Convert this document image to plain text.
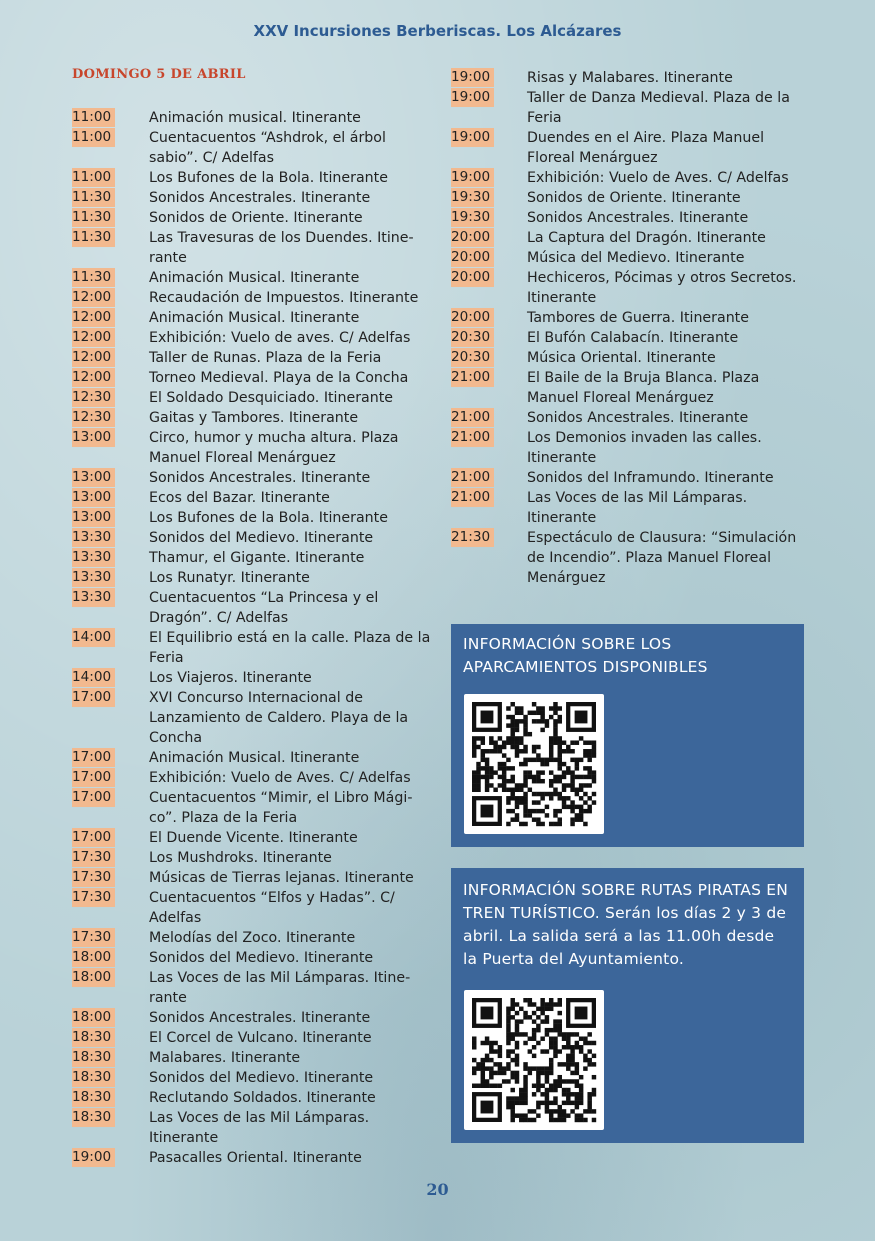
XXV Incursiones Berberiscas. Los Alcázares
DOMINGO 5 DE ABRIL
11:00	Animación musical. Itinerante
11:00	Cuentacuentos “Ashdrok, el árbol sabio”. C/ Adelfas
11:00	Los Bufones de la Bola. Itinerante
11:30	Sonidos Ancestrales. Itinerante
11:30	Sonidos de Oriente. Itinerante
11:30	Las Travesuras de los Duendes. Itinerante
11:30	Animación Musical. Itinerante
12:00	Recaudación de Impuestos. Itinerante
12:00	Animación Musical. Itinerante
12:00	Exhibición: Vuelo de aves. C/ Adelfas
12:00	Taller de Runas. Plaza de la Feria
12:00	Torneo Medieval. Playa de la Concha
12:30	El Soldado Desquiciado. Itinerante
12:30	Gaitas y Tambores. Itinerante
13:00	Circo, humor y mucha altura. Plaza Manuel Floreal Menárguez
13:00	Sonidos Ancestrales. Itinerante
13:00	Ecos del Bazar. Itinerante
13:00	Los Bufones de la Bola. Itinerante
13:30	Sonidos del Medievo. Itinerante
13:30	Thamur, el Gigante. Itinerante
13:30	Los Runatyr. Itinerante
13:30	Cuentacuentos “La Princesa y el Dragón”. C/ Adelfas
14:00	El Equilibrio está en la calle. Plaza de la Feria
14:00	Los Viajeros. Itinerante
17:00	XVI Concurso Internacional de Lanzamiento de Caldero. Playa de la Concha
17:00	Animación Musical. Itinerante
17:00	Exhibición: Vuelo de Aves. C/ Adelfas
17:00	Cuentacuentos “Mimir, el Libro Mágico”. Plaza de la Feria
17:00	El Duende Vicente. Itinerante
17:30	Los Mushdroks. Itinerante
17:30	Músicas de Tierras lejanas. Itinerante
17:30	Cuentacuentos “Elfos y Hadas”. C/ Adelfas
17:30	Melodías del Zoco. Itinerante
18:00	Sonidos del Medievo. Itinerante
18:00	Las Voces de las Mil Lámparas. Itinerante
18:00	Sonidos Ancestrales. Itinerante
18:30	El Corcel de Vulcano. Itinerante
18:30	Malabares. Itinerante
18:30	Sonidos del Medievo. Itinerante
18:30	Reclutando Soldados. Itinerante
18:30	Las Voces de las Mil Lámparas. Itinerante
19:00	Pasacalles Oriental. Itinerante
19:00	Risas y Malabares. Itinerante
19:00	Taller de Danza Medieval. Plaza de la Feria
19:00	Duendes en el Aire. Plaza Manuel Floreal Menárguez
19:00	Exhibición: Vuelo de Aves. C/ Adelfas
19:30	Sonidos de Oriente. Itinerante
19:30	Sonidos Ancestrales. Itinerante
20:00	La Captura del Dragón. Itinerante
20:00	Música del Medievo. Itinerante
20:00	Hechiceros, Pócimas y otros Secretos. Itinerante
20:00	Tambores de Guerra. Itinerante
20:30	El Bufón Calabacín. Itinerante
20:30	Música Oriental. Itinerante
21:00	El Baile de la Bruja Blanca. Plaza Manuel Floreal Menárguez
21:00	Sonidos Ancestrales. Itinerante
21:00	Los Demonios invaden las calles. Itinerante
21:00	Sonidos del Inframundo. Itinerante
21:00	Las Voces de las Mil Lámparas. Itinerante
21:30	Espectáculo de Clausura: “Simulación de Incendio”. Plaza Manuel Floreal Menárguez
INFORMACIÓN SOBRE LOS APARCAMIENTOS DISPONIBLES
INFORMACIÓN SOBRE RUTAS PIRATAS EN TREN TURÍSTICO. Serán los días 2 y 3 de abril. La salida será a las 11.00h desde la Puerta del Ayuntamiento.
20
